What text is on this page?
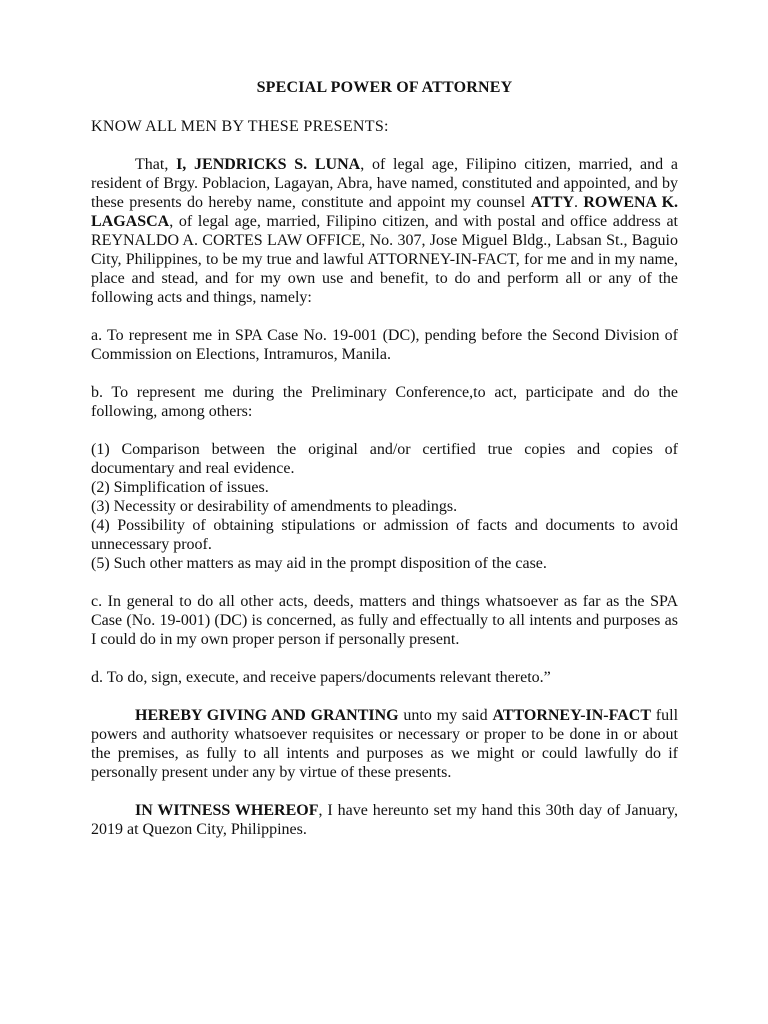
SPECIAL POWER OF ATTORNEY
KNOW ALL MEN BY THESE PRESENTS:

That, I, JENDRICKS S. LUNA, of legal age, Filipino citizen, married, and a resident of Brgy. Poblacion, Lagayan, Abra, have named, constituted and appointed, and by these presents do hereby name, constitute and appoint my counsel ATTY. ROWENA K. LAGASCA, of legal age, married, Filipino citizen, and with postal and office address at REYNALDO A. CORTES LAW OFFICE, No. 307, Jose Miguel Bldg., Labsan St., Baguio City, Philippines, to be my true and lawful ATTORNEY-IN-FACT, for me and in my name, place and stead, and for my own use and benefit, to do and perform all or any of the following acts and things, namely:

a. To represent me in SPA Case No. 19-001 (DC), pending before the Second Division of Commission on Elections, Intramuros, Manila.

b. To represent me during the Preliminary Conference,to act, participate and do the following, among others:

(1) Comparison between the original and/or certified true copies and copies of documentary and real evidence.
(2) Simplification of issues.
(3) Necessity or desirability of amendments to pleadings.
(4) Possibility of obtaining stipulations or admission of facts and documents to avoid unnecessary proof.
(5) Such other matters as may aid in the prompt disposition of the case.

c. In general to do all other acts, deeds, matters and things whatsoever as far as the SPA Case (No. 19-001) (DC) is concerned, as fully and effectually to all intents and purposes as I could do in my own proper person if personally present.

d. To do, sign, execute, and receive papers/documents relevant thereto.”

HEREBY GIVING AND GRANTING unto my said ATTORNEY-IN-FACT full powers and authority whatsoever requisites or necessary or proper to be done in or about the premises, as fully to all intents and purposes as we might or could lawfully do if personally present under any by virtue of these presents.

IN WITNESS WHEREOF, I have hereunto set my hand this 30th day of January, 2019 at Quezon City, Philippines.
